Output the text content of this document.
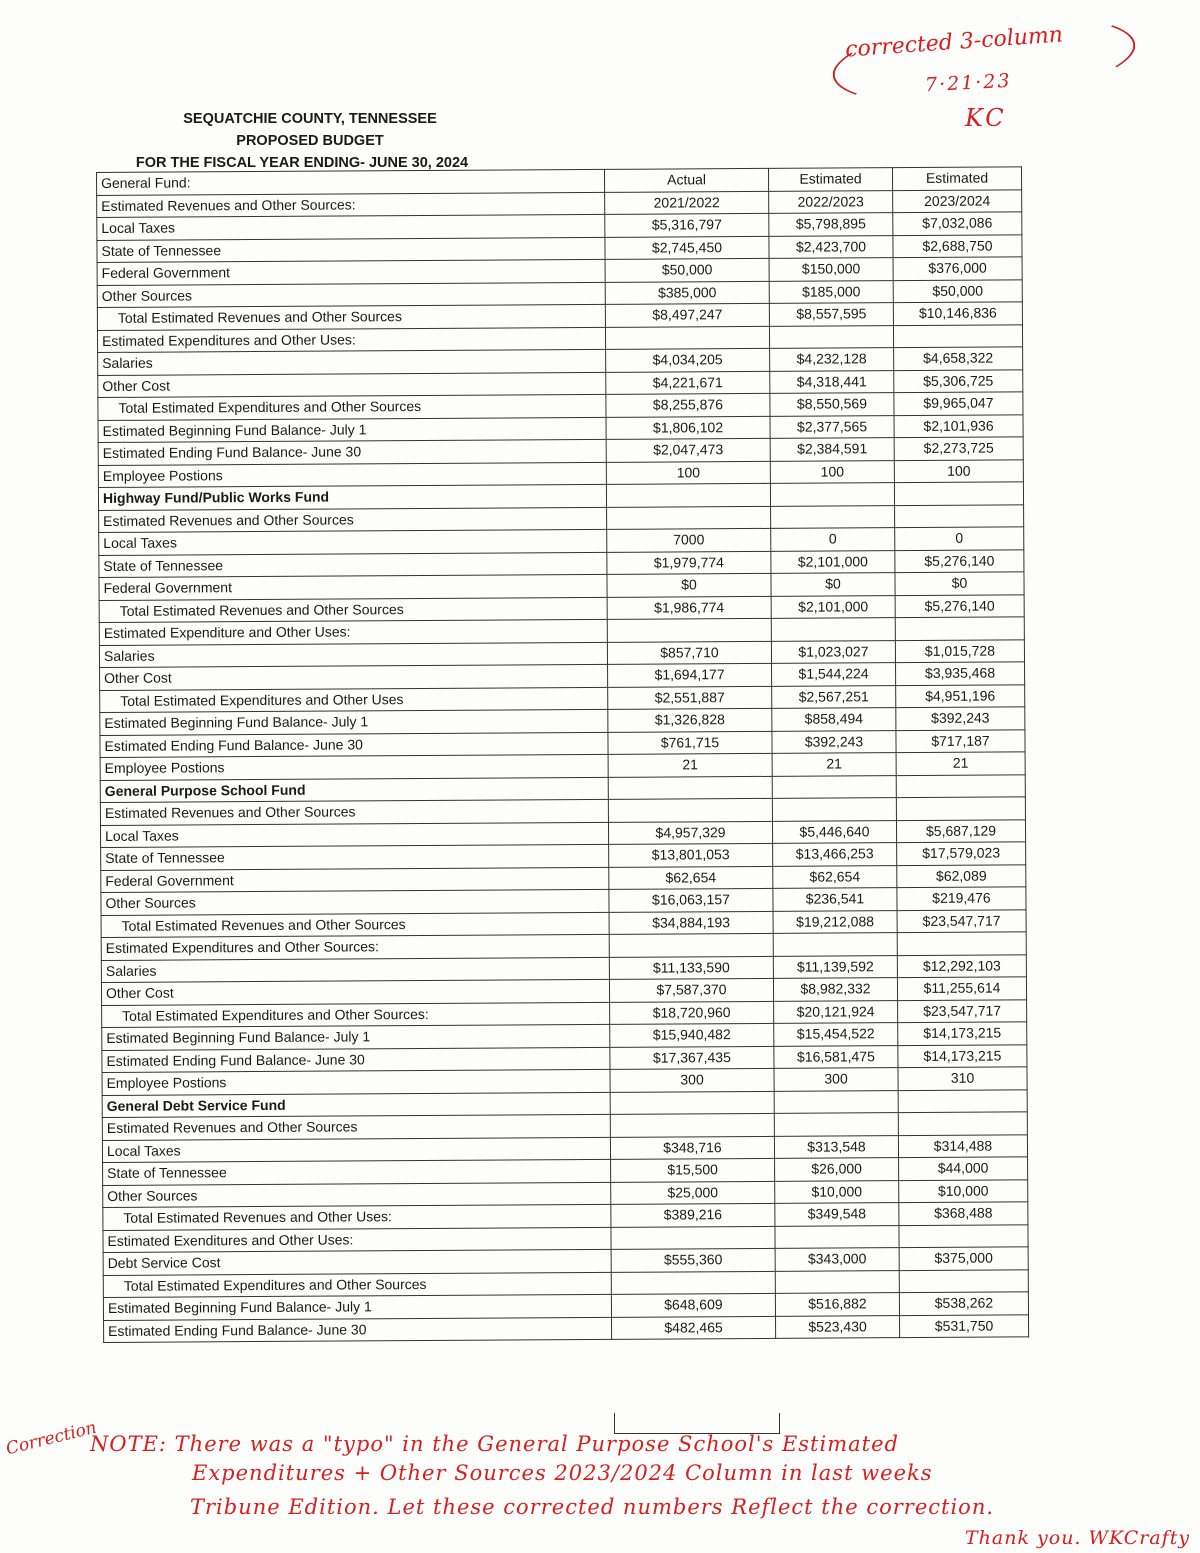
SEQUATCHIE COUNTY, TENNESSEE
PROPOSED BUDGET
FOR THE FISCAL YEAR ENDING- JUNE 30, 2024
corrected 3-column
7·21·23
KC
General Fund:	Actual	Estimated	Estimated
Estimated Revenues and Other Sources:	2021/2022	2022/2023	2023/2024
Local Taxes	$5,316,797	$5,798,895	$7,032,086
State of Tennessee	$2,745,450	$2,423,700	$2,688,750
Federal Government	$50,000	$150,000	$376,000
Other Sources	$385,000	$185,000	$50,000
Total Estimated Revenues and Other Sources	$8,497,247	$8,557,595	$10,146,836
Estimated Expenditures and Other Uses:			
Salaries	$4,034,205	$4,232,128	$4,658,322
Other Cost	$4,221,671	$4,318,441	$5,306,725
Total Estimated Expenditures and Other Sources	$8,255,876	$8,550,569	$9,965,047
Estimated Beginning Fund Balance- July 1	$1,806,102	$2,377,565	$2,101,936
Estimated Ending Fund Balance- June 30	$2,047,473	$2,384,591	$2,273,725
Employee Postions	100	100	100
Highway Fund/Public Works Fund			
Estimated Revenues and Other Sources			
Local Taxes	7000	0	0
State of Tennessee	$1,979,774	$2,101,000	$5,276,140
Federal Government	$0	$0	$0
Total Estimated Revenues and Other Sources	$1,986,774	$2,101,000	$5,276,140
Estimated Expenditure and Other Uses:			
Salaries	$857,710	$1,023,027	$1,015,728
Other Cost	$1,694,177	$1,544,224	$3,935,468
Total Estimated Expenditures and Other Uses	$2,551,887	$2,567,251	$4,951,196
Estimated Beginning Fund Balance- July 1	$1,326,828	$858,494	$392,243
Estimated Ending Fund Balance- June 30	$761,715	$392,243	$717,187
Employee Postions	21	21	21
General Purpose School Fund			
Estimated Revenues and Other Sources			
Local Taxes	$4,957,329	$5,446,640	$5,687,129
State of Tennessee	$13,801,053	$13,466,253	$17,579,023
Federal Government	$62,654	$62,654	$62,089
Other Sources	$16,063,157	$236,541	$219,476
Total Estimated Revenues and Other Sources	$34,884,193	$19,212,088	$23,547,717
Estimated Expenditures and Other Sources:			
Salaries	$11,133,590	$11,139,592	$12,292,103
Other Cost	$7,587,370	$8,982,332	$11,255,614
Total Estimated Expenditures and Other Sources:	$18,720,960	$20,121,924	$23,547,717
Estimated Beginning Fund Balance- July 1	$15,940,482	$15,454,522	$14,173,215
Estimated Ending Fund Balance- June 30	$17,367,435	$16,581,475	$14,173,215
Employee Postions	300	300	310
General Debt Service Fund			
Estimated Revenues and Other Sources			
Local Taxes	$348,716	$313,548	$314,488
State of Tennessee	$15,500	$26,000	$44,000
Other Sources	$25,000	$10,000	$10,000
Total Estimated Revenues and Other Uses:	$389,216	$349,548	$368,488
Estimated Exenditures and Other Uses:			
Debt Service Cost	$555,360	$343,000	$375,000
Total Estimated Expenditures and Other Sources			
Estimated Beginning Fund Balance- July 1	$648,609	$516,882	$538,262
Estimated Ending Fund Balance- June 30	$482,465	$523,430	$531,750
Correction
NOTE: There was a "typo" in the General Purpose School's Estimated
Expenditures + Other Sources 2023/2024 Column in last weeks
Tribune Edition. Let these corrected numbers Reflect the correction.
Thank you. WKCrafty
